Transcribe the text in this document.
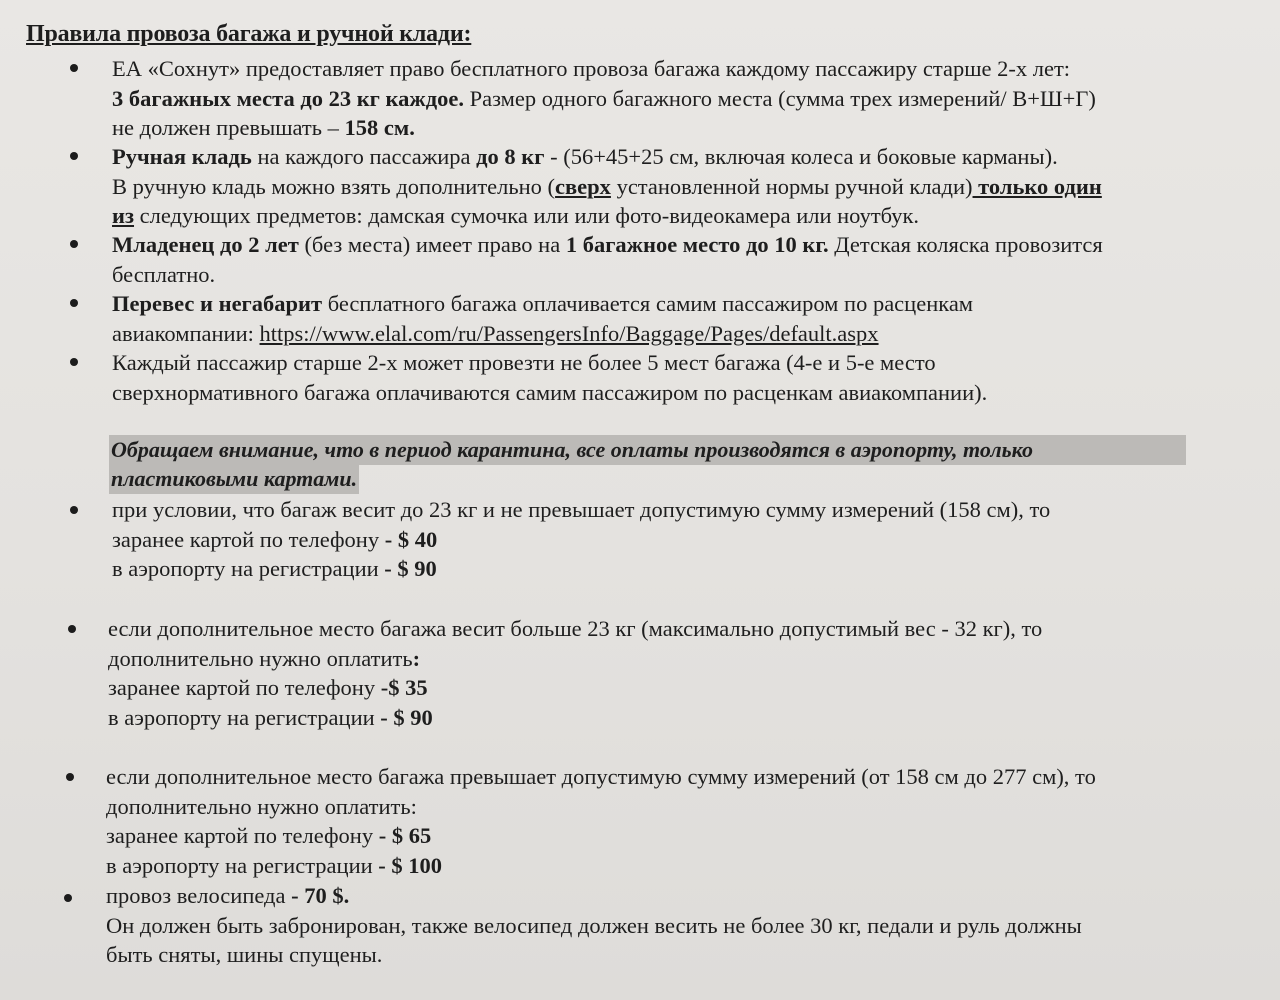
Правила провоза багажа и ручной клади:
ЕА «Сохнут» предоставляет право бесплатного провоза багажа каждому пассажиру старше 2-х лет:
3 багажных места до 23 кг каждое. Размер одного багажного места (сумма трех измерений/ В+Ш+Г)
не должен превышать – 158 см.
Ручная кладь на каждого пассажира до 8 кг - (56+45+25 см, включая колеса и боковые карманы).
В ручную кладь можно взять дополнительно (сверх установленной нормы ручной клади) только один
из следующих предметов: дамская сумочка или или фото-видеокамера или ноутбук.
Младенец до 2 лет (без места) имеет право на 1 багажное место до 10 кг. Детская коляска провозится
бесплатно.
Перевес и негабарит бесплатного багажа оплачивается самим пассажиром по расценкам
авиакомпании: https://www.elal.com/ru/PassengersInfo/Baggage/Pages/default.aspx
Каждый пассажир старше 2-х может провезти не более 5 мест багажа (4-е и 5-е место
сверхнормативного багажа оплачиваются самим пассажиром по расценкам авиакомпании).
Обращаем внимание, что в период карантина, все оплаты производятся в аэропорту, только
пластиковыми картами.
при условии, что багаж весит до 23 кг и не превышает допустимую сумму измерений (158 см), то
заранее картой по телефону - $ 40
в аэропорту на регистрации - $ 90
если дополнительное место багажа весит больше 23 кг (максимально допустимый вес - 32 кг), то
дополнительно нужно оплатить:
заранее картой по телефону -$ 35
в аэропорту на регистрации - $ 90
если дополнительное место багажа превышает допустимую сумму измерений (от 158 см до 277 см), то
дополнительно нужно оплатить:
заранее картой по телефону - $ 65
в аэропорту на регистрации - $ 100
провоз велосипеда - 70 $.
Он должен быть забронирован, также велосипед должен весить не более 30 кг, педали и руль должны
быть сняты, шины спущены.
